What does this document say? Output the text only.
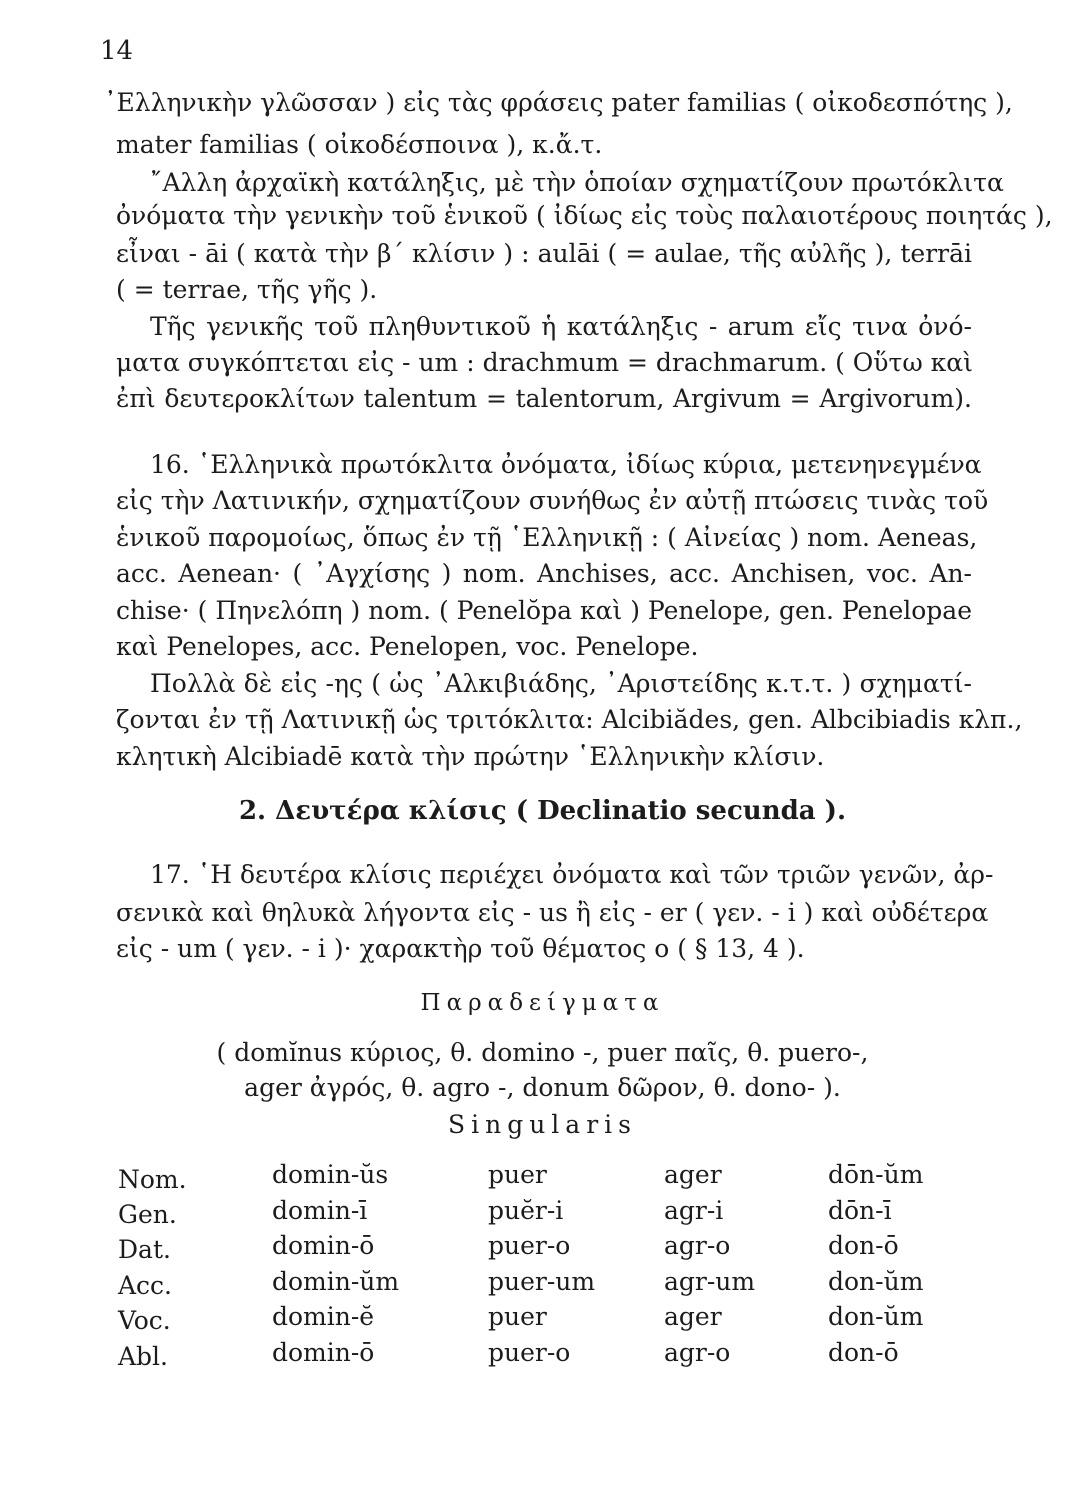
14
᾿Ελληνικὴν γλῶσσαν ) εἰς τὰς φράσεις pater familias ( οἰκοδεσπότης ),
mater familias ( οἰκοδέσποινα ), κ.ἄ.τ.
῎Αλλη ἀρχαϊκὴ κατάληξις, μὲ τὴν ὁποίαν σχηματίζουν πρωτόκλιτα
ὀνόματα τὴν γενικὴν τοῦ ἑνικοῦ ( ἰδίως εἰς τοὺς παλαιοτέρους ποιητάς ),
εἶναι - āi ( κατὰ τὴν β΄ κλίσιν ) : aulāi ( = aulae, τῆς αὐλῆς ), terrāi
( = terrae, τῆς γῆς ).
Τῆς γενικῆς τοῦ πληθυντικοῦ ἡ κατάληξις - arum εἴς τινα ὀνό-
ματα συγκόπτεται εἰς - um : drachmum = drachmarum. ( Οὕτω καὶ
ἐπὶ δευτεροκλίτων talentum = talentorum, Argivum = Argivorum).
16. ῾Ελληνικὰ πρωτόκλιτα ὀνόματα, ἰδίως κύρια, μετενηνεγμένα
εἰς τὴν Λατινικήν, σχηματίζουν συνήθως ἐν αὐτῇ πτώσεις τινὰς τοῦ
ἑνικοῦ παρομοίως, ὅπως ἐν τῇ ῾Ελληνικῇ : ( Αἰνείας ) nom. Aeneas,
acc. Aenean· ( ᾿Αγχίσης ) nom. Anchises, acc. Anchisen, voc. An-
chise· ( Πηνελόπη ) nom. ( Penelŏpa καὶ ) Penelope, gen. Penelopae
καὶ Penelopes, acc. Penelopen, voc. Penelope.
Πολλὰ δὲ εἰς -ης ( ὡς ᾿Αλκιβιάδης, ᾿Αριστείδης κ.τ.τ. ) σχηματί-
ζονται ἐν τῇ Λατινικῇ ὡς τριτόκλιτα: Alcibiădes, gen. Albcibiadis κλπ.,
κλητικὴ Alcibiadē κατὰ τὴν πρώτην ῾Ελληνικὴν κλίσιν.
2. Δευτέρα κλίσις ( Declinatio secunda ).
17. ῾Η δευτέρα κλίσις περιέχει ὀνόματα καὶ τῶν τριῶν γενῶν, ἀρ-
σενικὰ καὶ θηλυκὰ λήγοντα εἰς - us ἢ εἰς - er ( γεν. - i ) καὶ οὐδέτερα
εἰς - um ( γεν. - i )· χαρακτὴρ τοῦ θέματος o ( § 13, 4 ).
Παραδείγματα
( domĭnus κύριος, θ. domino -, puer παῖς, θ. puero-,
ager ἀγρός, θ. agro -, donum δῶρον, θ. dono- ).
Singularis
Nom.	domin-ŭs	puer	ager	dōn-ŭm
Gen.	domin-ī	puĕr-i	agr-i	dōn-ī
Dat.	domin-ō	puer-o	agr-o	don-ō
Acc.	domin-ŭm	puer-um	agr-um	don-ŭm
Voc.	domin-ĕ	puer	ager	don-ŭm
Abl.	domin-ō	puer-o	agr-o	don-ō
